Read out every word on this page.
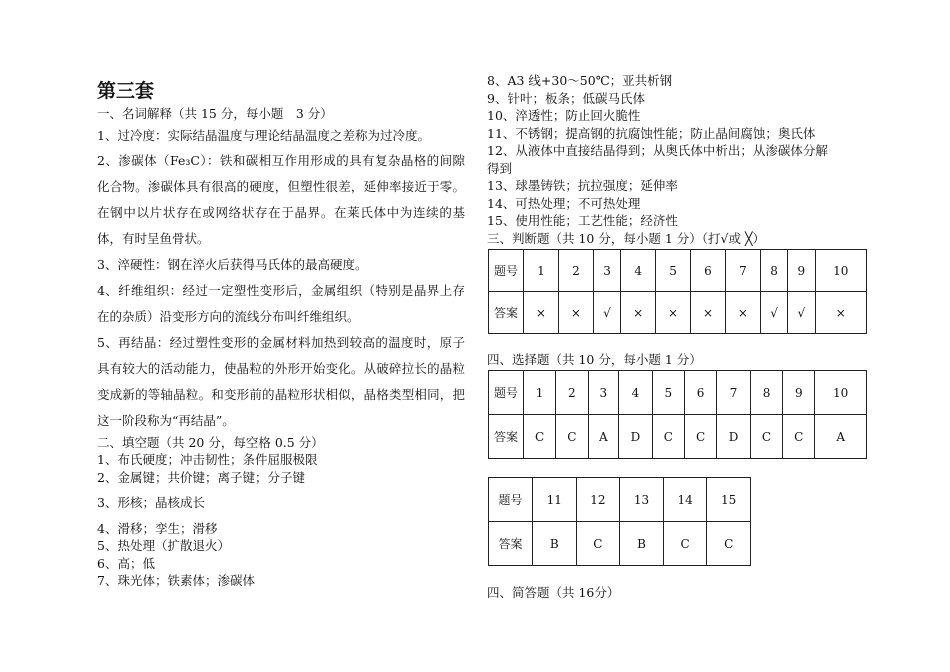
第三套
一、名词解释（共 15 分，每小题　3 分）
1、过冷度：实际结晶温度与理论结晶温度之差称为过冷度。
2、渗碳体（Fe₃C）：铁和碳相互作用形成的具有复杂晶格的间隙化合物。渗碳体具有很高的硬度，但塑性很差，延伸率接近于零。在钢中以片状存在或网络状存在于晶界。在莱氏体中为连续的基体，有时呈鱼骨状。
3、淬硬性：钢在淬火后获得马氏体的最高硬度。
4、纤维组织：经过一定塑性变形后，金属组织（特别是晶界上存在的杂质）沿变形方向的流线分布叫纤维组织。
5、再结晶：经过塑性变形的金属材料加热到较高的温度时，原子具有较大的活动能力，使晶粒的外形开始变化。从破碎拉长的晶粒变成新的等轴晶粒。和变形前的晶粒形状相似，晶格类型相同，把这一阶段称为“再结晶”。
二、填空题（共 20 分，每空格 0.5 分）
1、布氏硬度；冲击韧性；条件屈服极限
2、金属键；共价键；离子键；分子键
3、形核；晶核成长
4、滑移；孪生；滑移
5、热处理（扩散退火）
6、高；低
7、珠光体；铁素体；渗碳体
8、A3 线+30～50℃；亚共析钢
9、针叶；板条；低碳马氏体
10、淬透性；防止回火脆性
11、不锈钢；提高钢的抗腐蚀性能；防止晶间腐蚀；奥氏体
12、从液体中直接结晶得到；从奥氏体中析出；从渗碳体分解
得到
13、球墨铸铁；抗拉强度；延伸率
14、可热处理；不可热处理
15、使用性能；工艺性能；经济性
三、判断题（共 10 分，每小题 1 分）（打√或 ╳）
题号	1	2	3	4	5	6	7	8	9	10
答案	×	×	√	×	×	×	×	√	√	×
四、选择题（共 10 分，每小题 1 分）
题号	1	2	3	4	5	6	7	8	9	10
答案	C	C	A	D	C	C	D	C	C	A
题号	11	12	13	14	15
答案	B	C	B	C	C
四、简答题（共 16分）
